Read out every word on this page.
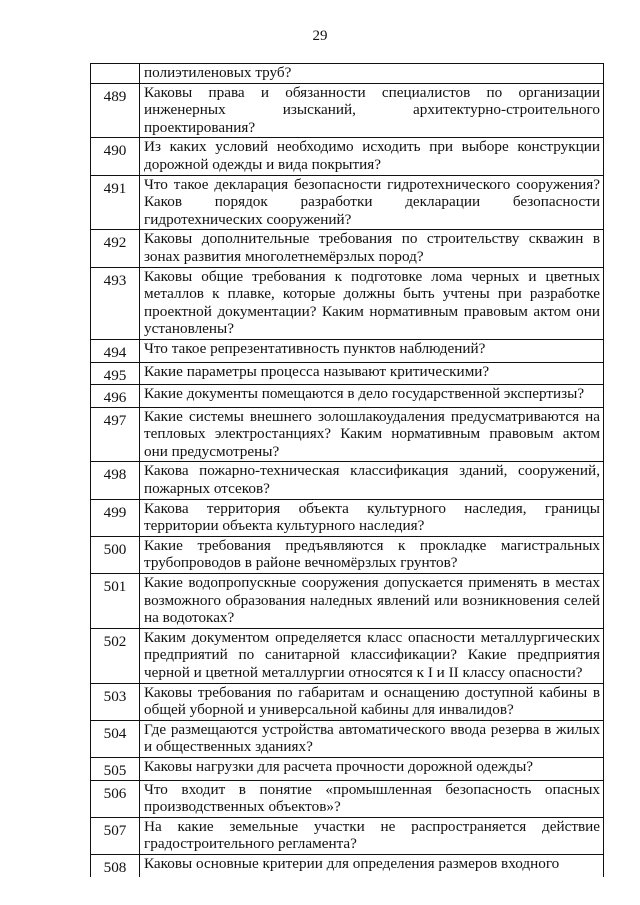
29
	полиэтиленовых труб?
489	Каковы права и обязанности специалистов по организации инженерных изысканий, архитектурно-строительного проектирования?
490	Из каких условий необходимо исходить при выборе конструкции дорожной одежды и вида покрытия?
491	Что такое декларация безопасности гидротехнического сооружения? Каков порядок разработки декларации безопасности гидротехнических сооружений?
492	Каковы дополнительные требования по строительству скважин в зонах развития многолетнемёрзлых пород?
493	Каковы общие требования к подготовке лома черных и цветных металлов к плавке, которые должны быть учтены при разработке проектной документации? Каким нормативным правовым актом они установлены?
494	Что такое репрезентативность пунктов наблюдений?
495	Какие параметры процесса называют критическими?
496	Какие документы помещаются в дело государственной экспертизы?
497	Какие системы внешнего золошлакоудаления предусматриваются на тепловых электростанциях? Каким нормативным правовым актом они предусмотрены?
498	Какова пожарно-техническая классификация зданий, сооружений, пожарных отсеков?
499	Какова территория объекта культурного наследия, границы территории объекта культурного наследия?
500	Какие требования предъявляются к прокладке магистральных трубопроводов в районе вечномёрзлых грунтов?
501	Какие водопропускные сооружения допускается применять в местах возможного образования наледных явлений или возникновения селей на водотоках?
502	Каким документом определяется класс опасности металлургических предприятий по санитарной классификации? Какие предприятия черной и цветной металлургии относятся к I и II классу опасности?
503	Каковы требования по габаритам и оснащению доступной кабины в общей уборной и универсальной кабины для инвалидов?
504	Где размещаются устройства автоматического ввода резерва в жилых и общественных зданиях?
505	Каковы нагрузки для расчета прочности дорожной одежды?
506	Что входит в понятие «промышленная безопасность опасных производственных объектов»?
507	На какие земельные участки не распространяется действие градостроительного регламента?
508	Каковы основные критерии для определения размеров входного
